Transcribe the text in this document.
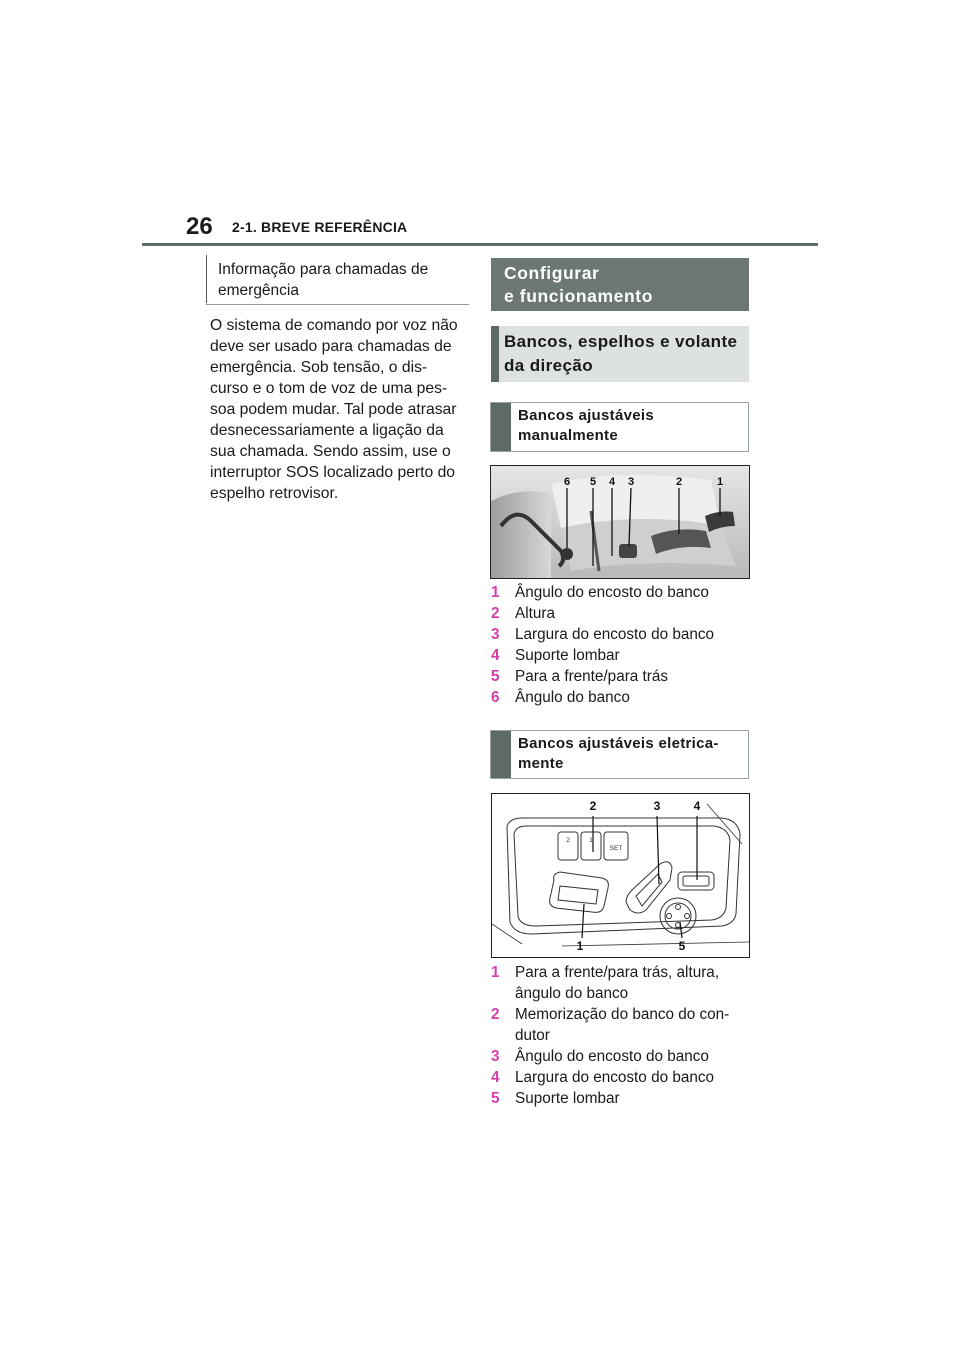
26 2-1. BREVE REFERÊNCIA
Informação para chamadas de emergência
O sistema de comando por voz não
deve ser usado para chamadas de
emergência. Sob tensão, o dis-
curso e o tom de voz de uma pes-
soa podem mudar. Tal pode atrasar
desnecessariamente a ligação da
sua chamada. Sendo assim, use o
interruptor SOS localizado perto do
espelho retrovisor.
Configurar
e funcionamento
Bancos, espelhos e volante
da direção
Bancos ajustáveis
manualmente
6 5 4 3	2	1
1 Ângulo do encosto do banco
2 Altura
3 Largura do encosto do banco
4 Suporte lombar
5 Para a frente/para trás
6 Ângulo do banco
Bancos ajustáveis eletrica-
mente
2	1
SET
2	3	4
1	5
1 Para a frente/para trás, altura,
ângulo do banco
2 Memorização do banco do con-
dutor
3 Ângulo do encosto do banco
4 Largura do encosto do banco
5 Suporte lombar
